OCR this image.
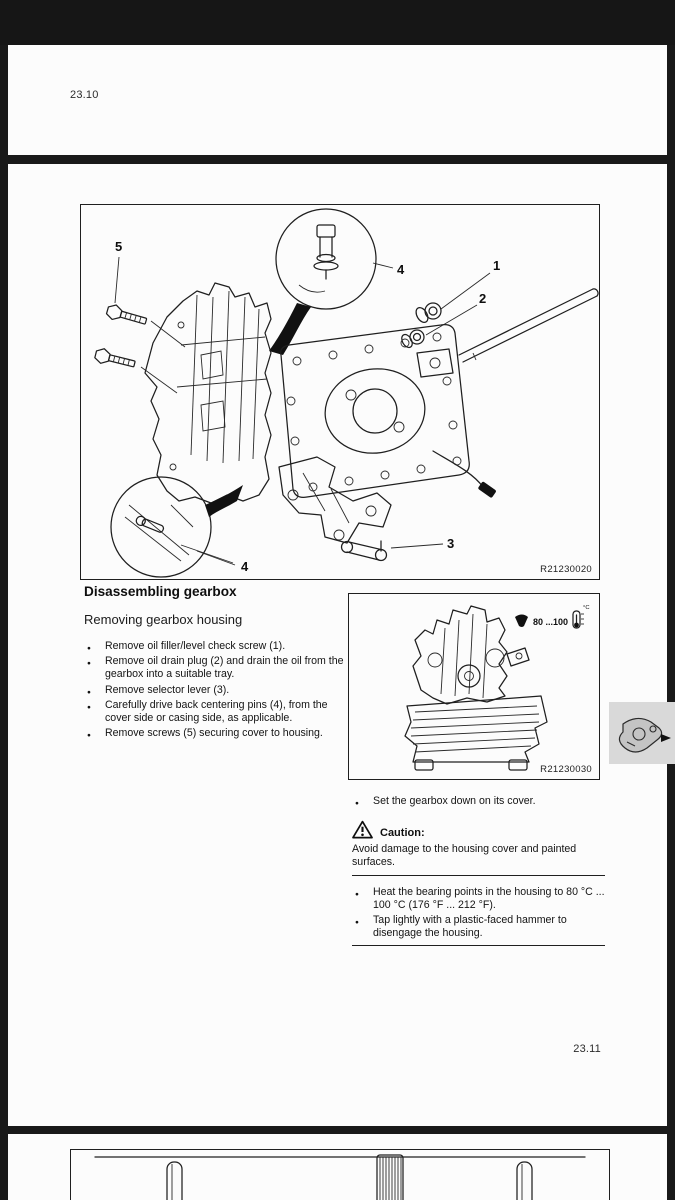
23.10
5
4	1
2
3
4	R21230020
Disassembling gearbox
Removing gearbox housing
● Remove oil filler/level check screw (1).
● Remove oil drain plug (2) and drain the oil from the gearbox into a suitable tray.
● Remove selector lever (3).
● Carefully drive back centering pins (4), from the cover side or casing side, as applicable.
● Remove screws (5) securing cover to housing.
80 ...100
°C
R21230030
● Set the gearbox down on its cover.
Caution:
Avoid damage to the housing cover and painted surfaces.
● Heat the bearing points in the housing to 80 °C ... 100 °C (176 °F ... 212 °F).
● Tap lightly with a plastic-faced hammer to disengage the housing.
23.11
